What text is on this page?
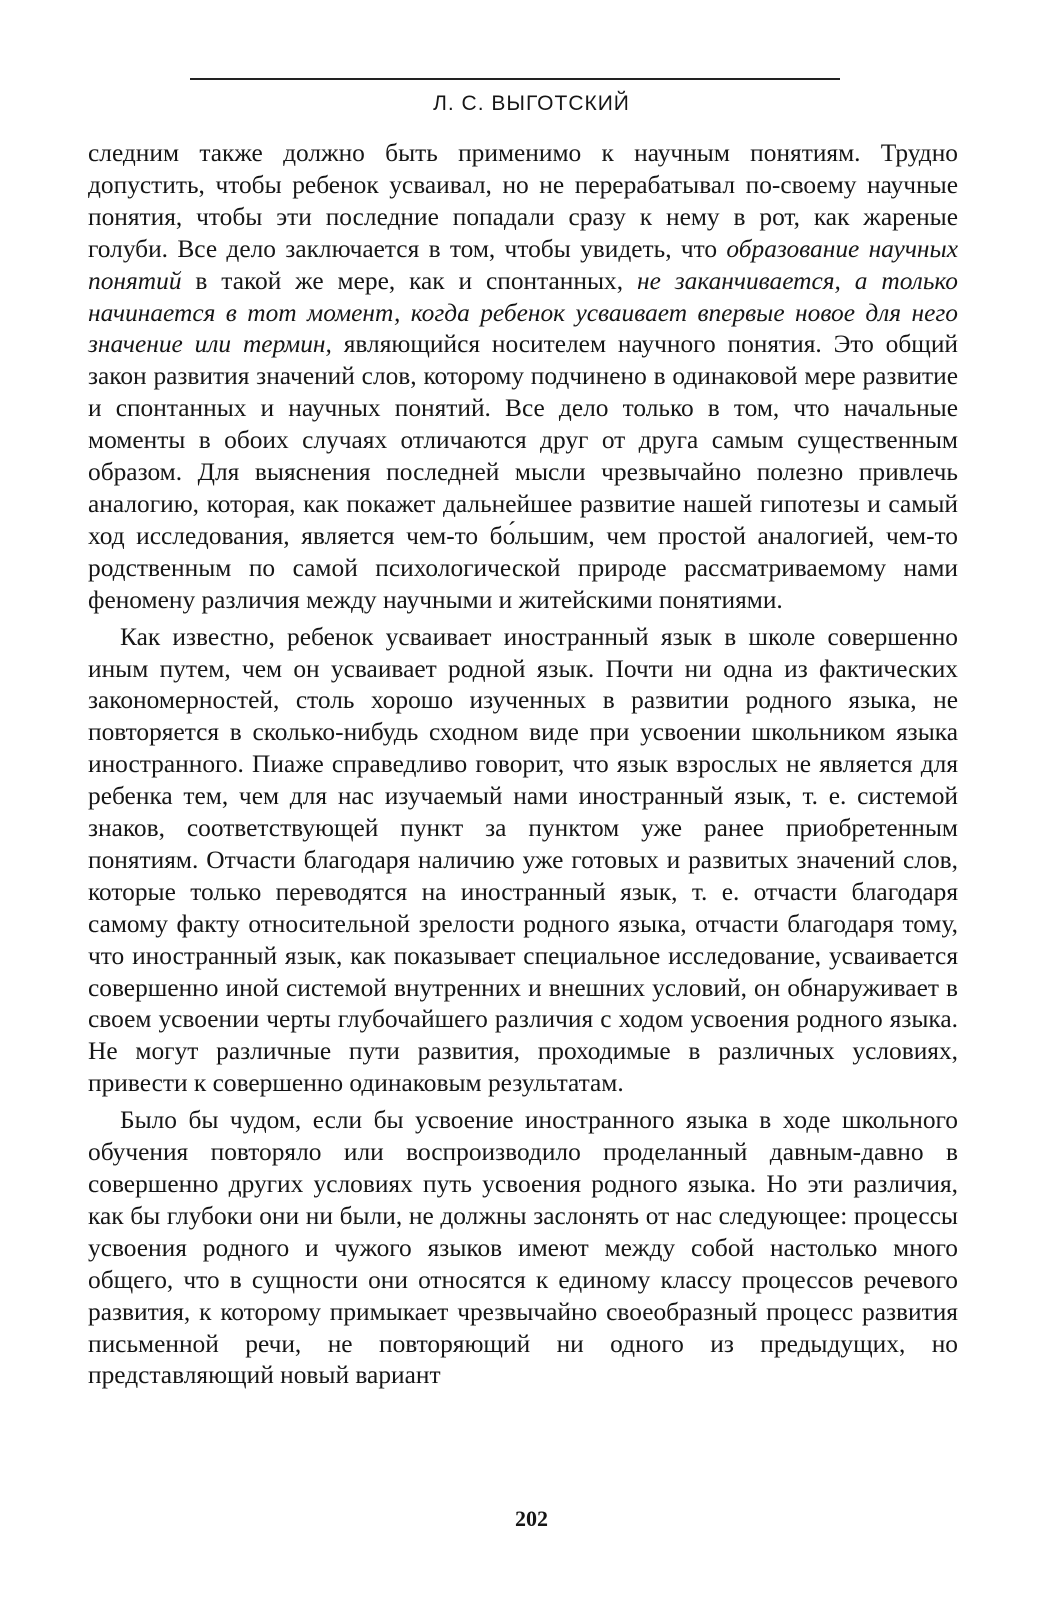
Л. С. ВЫГОТСКИЙ

следним также должно быть применимо к научным понятиям. Трудно допустить, чтобы ребенок усваивал, но не перерабатывал по-своему научные понятия, чтобы эти последние попадали сразу к нему в рот, как жареные голуби. Все дело заключается в том, чтобы увидеть, что образование научных понятий в такой же мере, как и спонтанных, не заканчивается, а только начинается в тот момент, когда ребенок усваивает впервые новое для него значение или термин, являющийся носителем научного понятия. Это общий закон развития значений слов, которому подчинено в одинаковой мере развитие и спонтанных и научных понятий. Все дело только в том, что начальные моменты в обоих случаях отличаются друг от друга самым существенным образом. Для выяснения последней мысли чрезвычайно полезно привлечь аналогию, которая, как покажет дальнейшее развитие нашей гипотезы и самый ход исследования, является чем-то бо́льшим, чем простой аналогией, чем-то родственным по самой психологической природе рассматриваемому нами феномену различия между научными и житейскими понятиями.

Как известно, ребенок усваивает иностранный язык в школе совершенно иным путем, чем он усваивает родной язык. Почти ни одна из фактических закономерностей, столь хорошо изученных в развитии родного языка, не повторяется в сколько-нибудь сходном виде при усвоении школьником языка иностранного. Пиаже справедливо говорит, что язык взрослых не является для ребенка тем, чем для нас изучаемый нами иностранный язык, т. е. системой знаков, соответствующей пункт за пунктом уже ранее приобретенным понятиям. Отчасти благодаря наличию уже готовых и развитых значений слов, которые только переводятся на иностранный язык, т. е. отчасти благодаря самому факту относительной зрелости родного языка, отчасти благодаря тому, что иностранный язык, как показывает специальное исследование, усваивается совершенно иной системой внутренних и внешних условий, он обнаруживает в своем усвоении черты глубочайшего различия с ходом усвоения родного языка. Не могут различные пути развития, проходимые в различных условиях, привести к совершенно одинаковым результатам.

Было бы чудом, если бы усвоение иностранного языка в ходе школьного обучения повторяло или воспроизводило проделанный давным-давно в совершенно других условиях путь усвоения родного языка. Но эти различия, как бы глубоки они ни были, не должны заслонять от нас следующее: процессы усвоения родного и чужого языков имеют между собой настолько много общего, что в сущности они относятся к единому классу процессов речевого развития, к которому примыкает чрезвычайно своеобразный процесс развития письменной речи, не повторяющий ни одного из предыдущих, но представляющий новый вариант

202
